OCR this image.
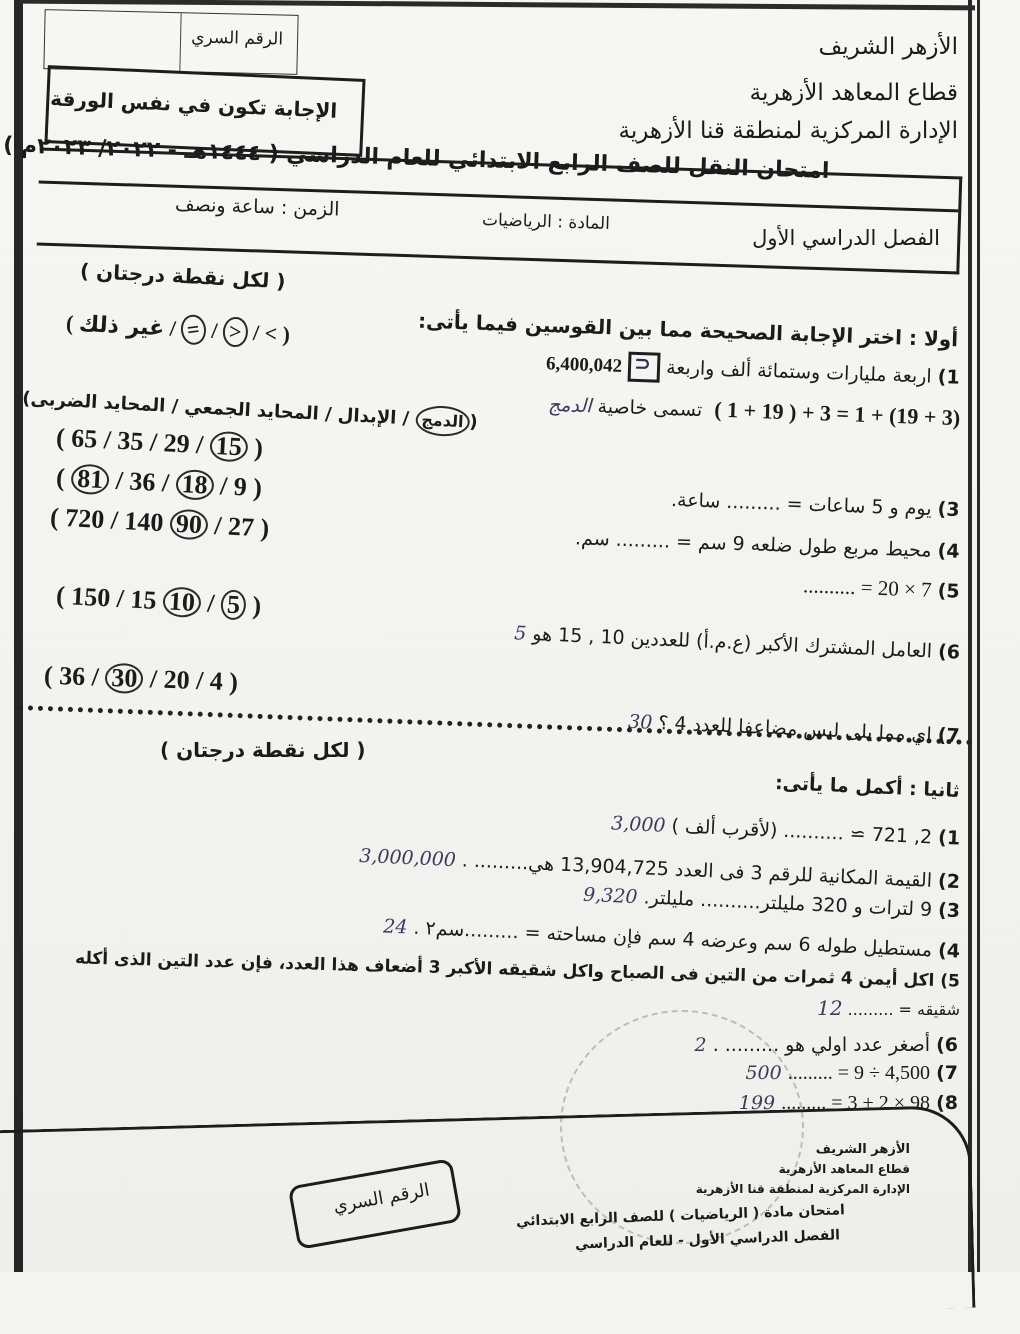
الأزهر الشريف
قطاع المعاهد الأزهرية
الإدارة المركزية لمنطقة قنا الأزهرية
الرقم السري
الإجابة تكون في نفس الورقة
امتحان النقل للصف الرابع الابتدائي للعام الدراسي ( ١٤٤٤هـ - ٢٠٢٢/ ٢٠٢٣م )
الفصل الدراسي الأول
المادة : الرياضيات
الزمن : ساعة ونصف
( لكل نقطة درجتان )
أولا : اختر الإجابة الصحيحة مما بين القوسين فيما يأتى:
1) اربعة مليارات وستمائة ألف واربعة ⊃ 6,400,042
( غير ذلك / = / > / < )
(3 + 19) + 1 = 3 + ( 19 + 1 ) ‎ تسمى خاصية الدمج
(الدمج / الإبدال / المحايد الجمعي / المحايد الضربى)
( 65 / 35 / 29 / 15 )
3) يوم و 5 ساعات = ......... ساعة.
( 81 / 36 / 18 / 9 )
4) محيط مربع طول ضلعه 9 سم = ......... سم.
( 720 / 140 90 / 27 )
5) 7 × 20 = ..........
( 150 / 15 10 / 5 )
6) العامل المشترك الأكبر (ع.م.أ) للعددين 10 , 15 هو 5
( 36 / 30 / 20 / 4 )
7) اي مما يلى ليس مضاعفا للعدد 4 ؟ 30
( لكل نقطة درجتان )
ثانيا : أكمل ما يأتى:
1) 2, 721 ≃ .......... (لأقرب ألف ) 3,000
2) القيمة المكانية للرقم 3 فى العدد 13,904,725 هي......... . 3,000,000
3) 9 لترات و 320 مليلتر.......... مليلتر. 9,320
4) مستطيل طوله 6 سم وعرضه 4 سم فإن مساحته = .........سم٢ . 24
5) اكل أيمن 4 ثمرات من التين فى الصباح واكل شقيقه الأكبر 3 أضعاف هذا العدد، فإن عدد التين الذى أكله
شقيقه = ......... 12
6) أصغر عدد اولي هو ......... . 2
7) 4,500 ÷ 9 = ......... 500
8) 98 × 2 + 3 = ......... 199
الأزهر الشريف
قطاع المعاهد الأزهرية
الإدارة المركزية لمنطقة قنا الأزهرية
امتحان مادة ( الرياضيات ) للصف الرابع الابتدائي
الفصل الدراسي الأول - للعام الدراسي
الرقم السري
